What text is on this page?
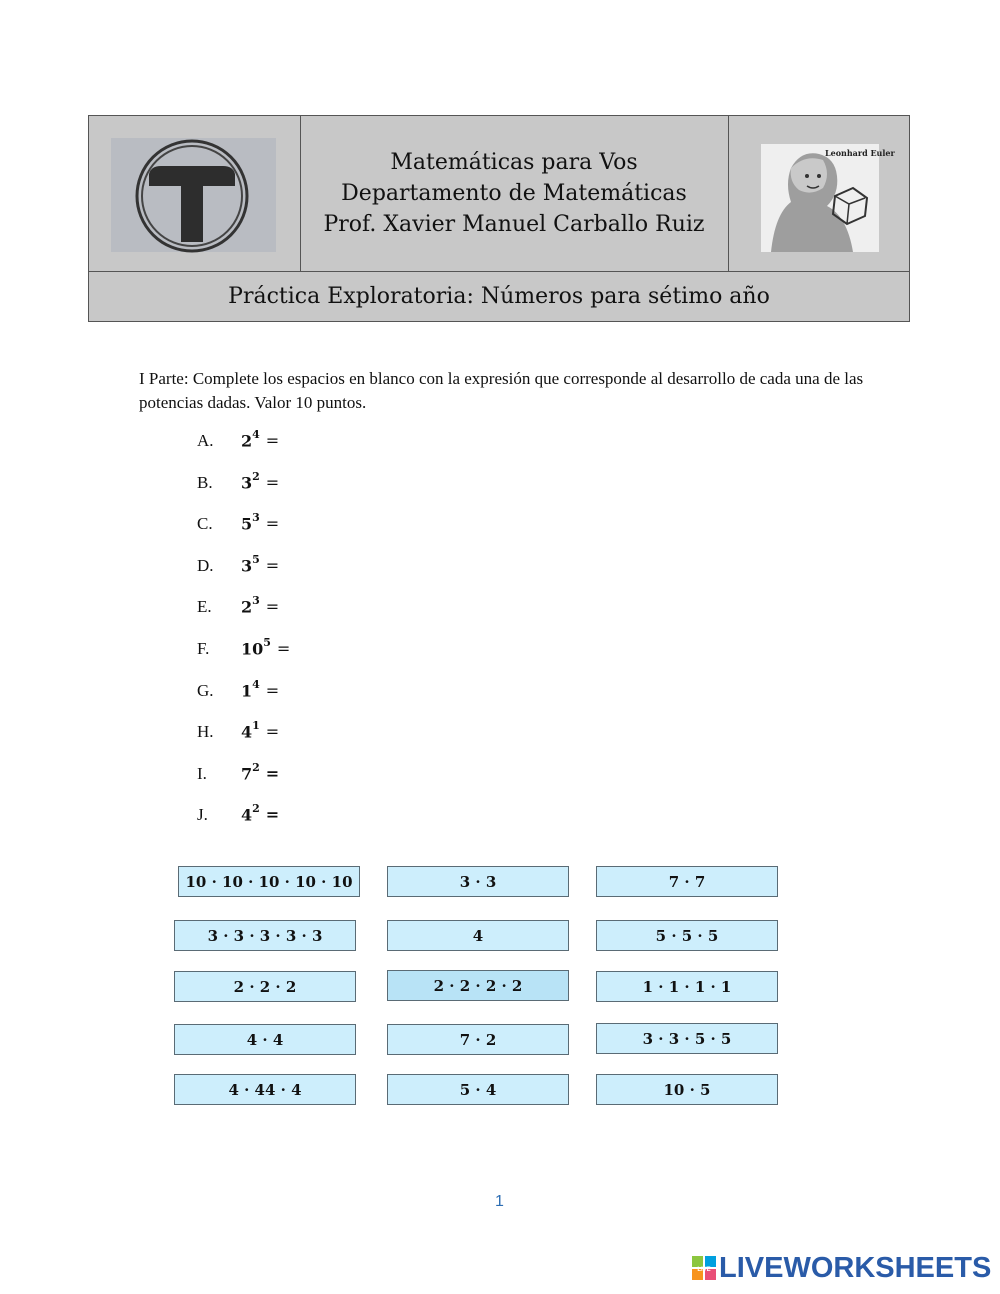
Matemáticas para Vos
Departamento de Matemáticas
Prof. Xavier Manuel Carballo Ruiz
Leonhard Euler
Práctica Exploratoria: Números para sétimo año
I Parte: Complete los espacios en blanco con la expresión que corresponde al desarrollo de cada una de las potencias dadas. Valor 10 puntos.
A. $2^4$ =
B. $3^2$ =
C. $5^3$ =
D. $3^5$ =
E. $2^3$ =
F. $10^5$ =
G. $1^4$ =
H. $4^1$ =
I. $7^2$ =
J. $4^2$ =
10 · 10 · 10 · 10 · 10	3 · 3	7 · 7
3 · 3 · 3 · 3 · 3	4	5 · 5 · 5
2 · 2 · 2	2 · 2 · 2 · 2	1 · 1 · 1 · 1
4 · 4	7 · 2	3 · 3 · 5 · 5
4 · 44 · 4	5 · 4	10 · 5
1
LIVE LIVEWORKSHEETS
